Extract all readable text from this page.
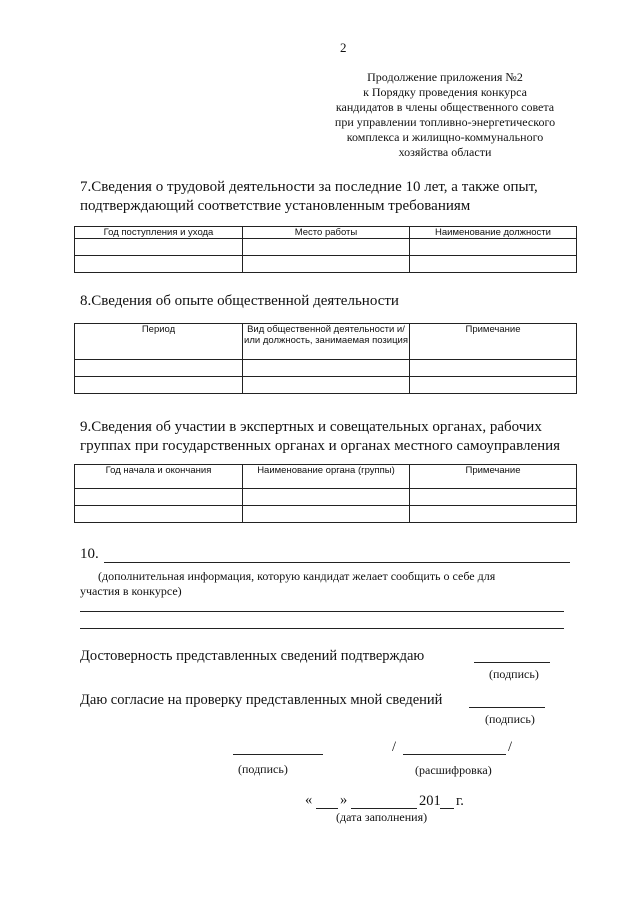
2
Продолжение приложения №2
к Порядку проведения конкурса
кандидатов в члены общественного совета
при управлении топливно-энергетического
комплекса и жилищно-коммунального
хозяйства области
7.Сведения о трудовой деятельности за последние 10 лет, а также опыт,
подтверждающий соответствие установленным требованиям
Год поступления и ухода	Место работы	Наименование должности

8.Сведения об опыте общественной деятельности
Период	Вид общественной деятельности и/или должность, занимаемая позиция	Примечание

9.Сведения об участии в экспертных и совещательных органах, рабочих
группах при государственных органах и органах местного самоуправления
Год начала и окончания	Наименование органа (группы)	Примечание

10.
(дополнительная информация, которую кандидат желает сообщить о себе для
участия в конкурсе)
Достоверность представленных сведений подтверждаю
(подпись)
Даю согласие на проверку представленных мной сведений
(подпись)
(подпись)
/	/
(расшифровка)
« »	201 г.
(дата заполнения)
